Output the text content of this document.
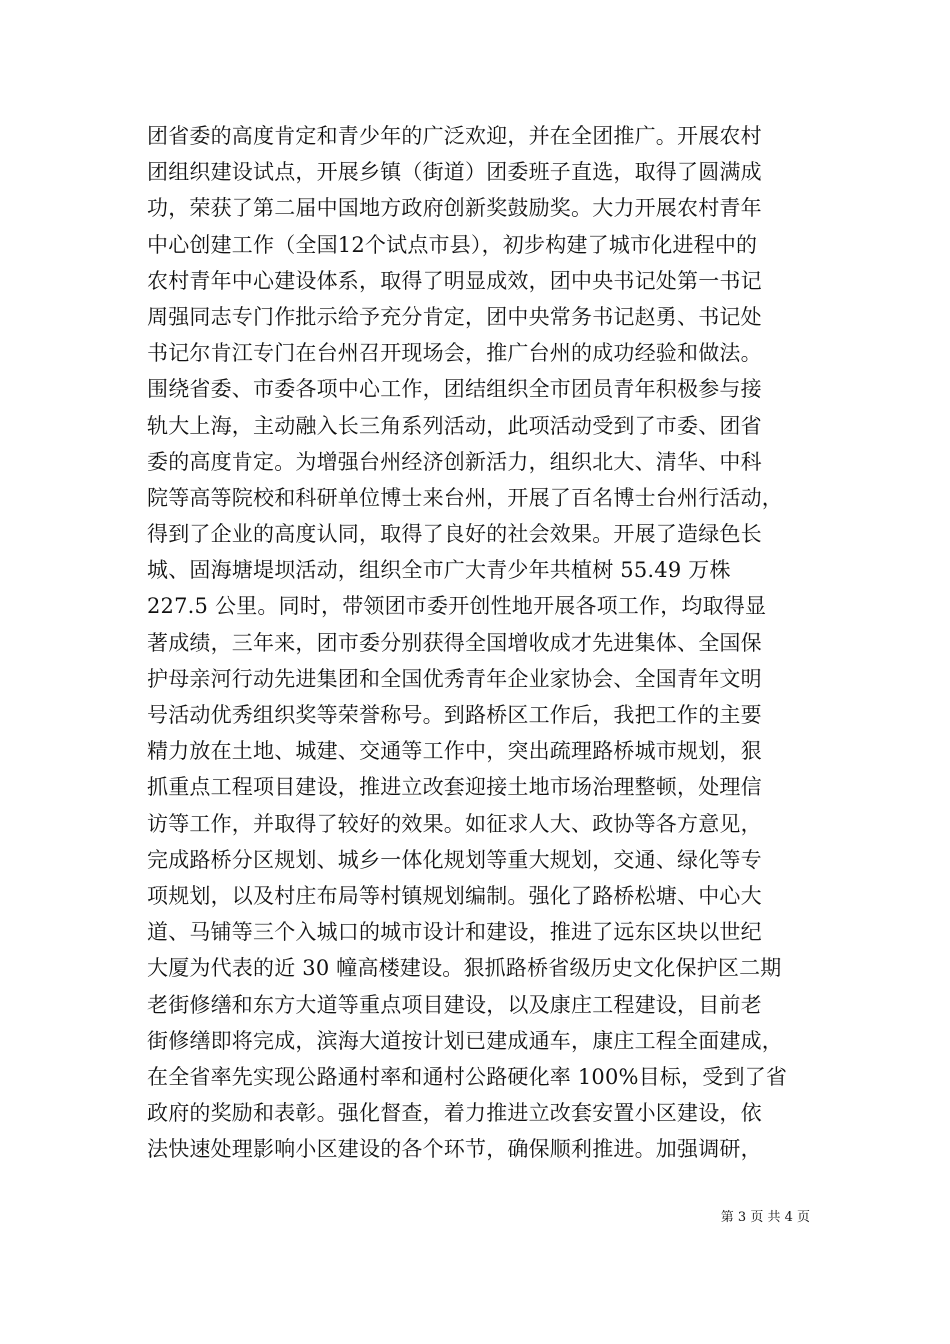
团省委的高度肯定和青少年的广泛欢迎，并在全团推广。开展农村
团组织建设试点，开展乡镇（街道）团委班子直选，取得了圆满成
功，荣获了第二届中国地方政府创新奖鼓励奖。大力开展农村青年
中心创建工作（全国12个试点市县），初步构建了城市化进程中的
农村青年中心建设体系，取得了明显成效，团中央书记处第一书记
周强同志专门作批示给予充分肯定，团中央常务书记赵勇、书记处
书记尔肯江专门在台州召开现场会，推广台州的成功经验和做法。
围绕省委、市委各项中心工作，团结组织全市团员青年积极参与接
轨大上海，主动融入长三角系列活动，此项活动受到了市委、团省
委的高度肯定。为增强台州经济创新活力，组织北大、清华、中科
院等高等院校和科研单位博士来台州，开展了百名博士台州行活动，
得到了企业的高度认同，取得了良好的社会效果。开展了造绿色长
城、固海塘堤坝活动，组织全市广大青少年共植树 55.49 万株
227.5 公里。同时，带领团市委开创性地开展各项工作，均取得显
著成绩，三年来，团市委分别获得全国增收成才先进集体、全国保
护母亲河行动先进集团和全国优秀青年企业家协会、全国青年文明
号活动优秀组织奖等荣誉称号。到路桥区工作后，我把工作的主要
精力放在土地、城建、交通等工作中，突出疏理路桥城市规划，狠
抓重点工程项目建设，推进立改套迎接土地市场治理整顿，处理信
访等工作，并取得了较好的效果。如征求人大、政协等各方意见，
完成路桥分区规划、城乡一体化规划等重大规划，交通、绿化等专
项规划，以及村庄布局等村镇规划编制。强化了路桥松塘、中心大
道、马铺等三个入城口的城市设计和建设，推进了远东区块以世纪
大厦为代表的近 30 幢高楼建设。狠抓路桥省级历史文化保护区二期
老街修缮和东方大道等重点项目建设，以及康庄工程建设，目前老
街修缮即将完成，滨海大道按计划已建成通车，康庄工程全面建成，
在全省率先实现公路通村率和通村公路硬化率 100%目标，受到了省
政府的奖励和表彰。强化督查，着力推进立改套安置小区建设，依
法快速处理影响小区建设的各个环节，确保顺利推进。加强调研，
第 3 页 共 4 页
